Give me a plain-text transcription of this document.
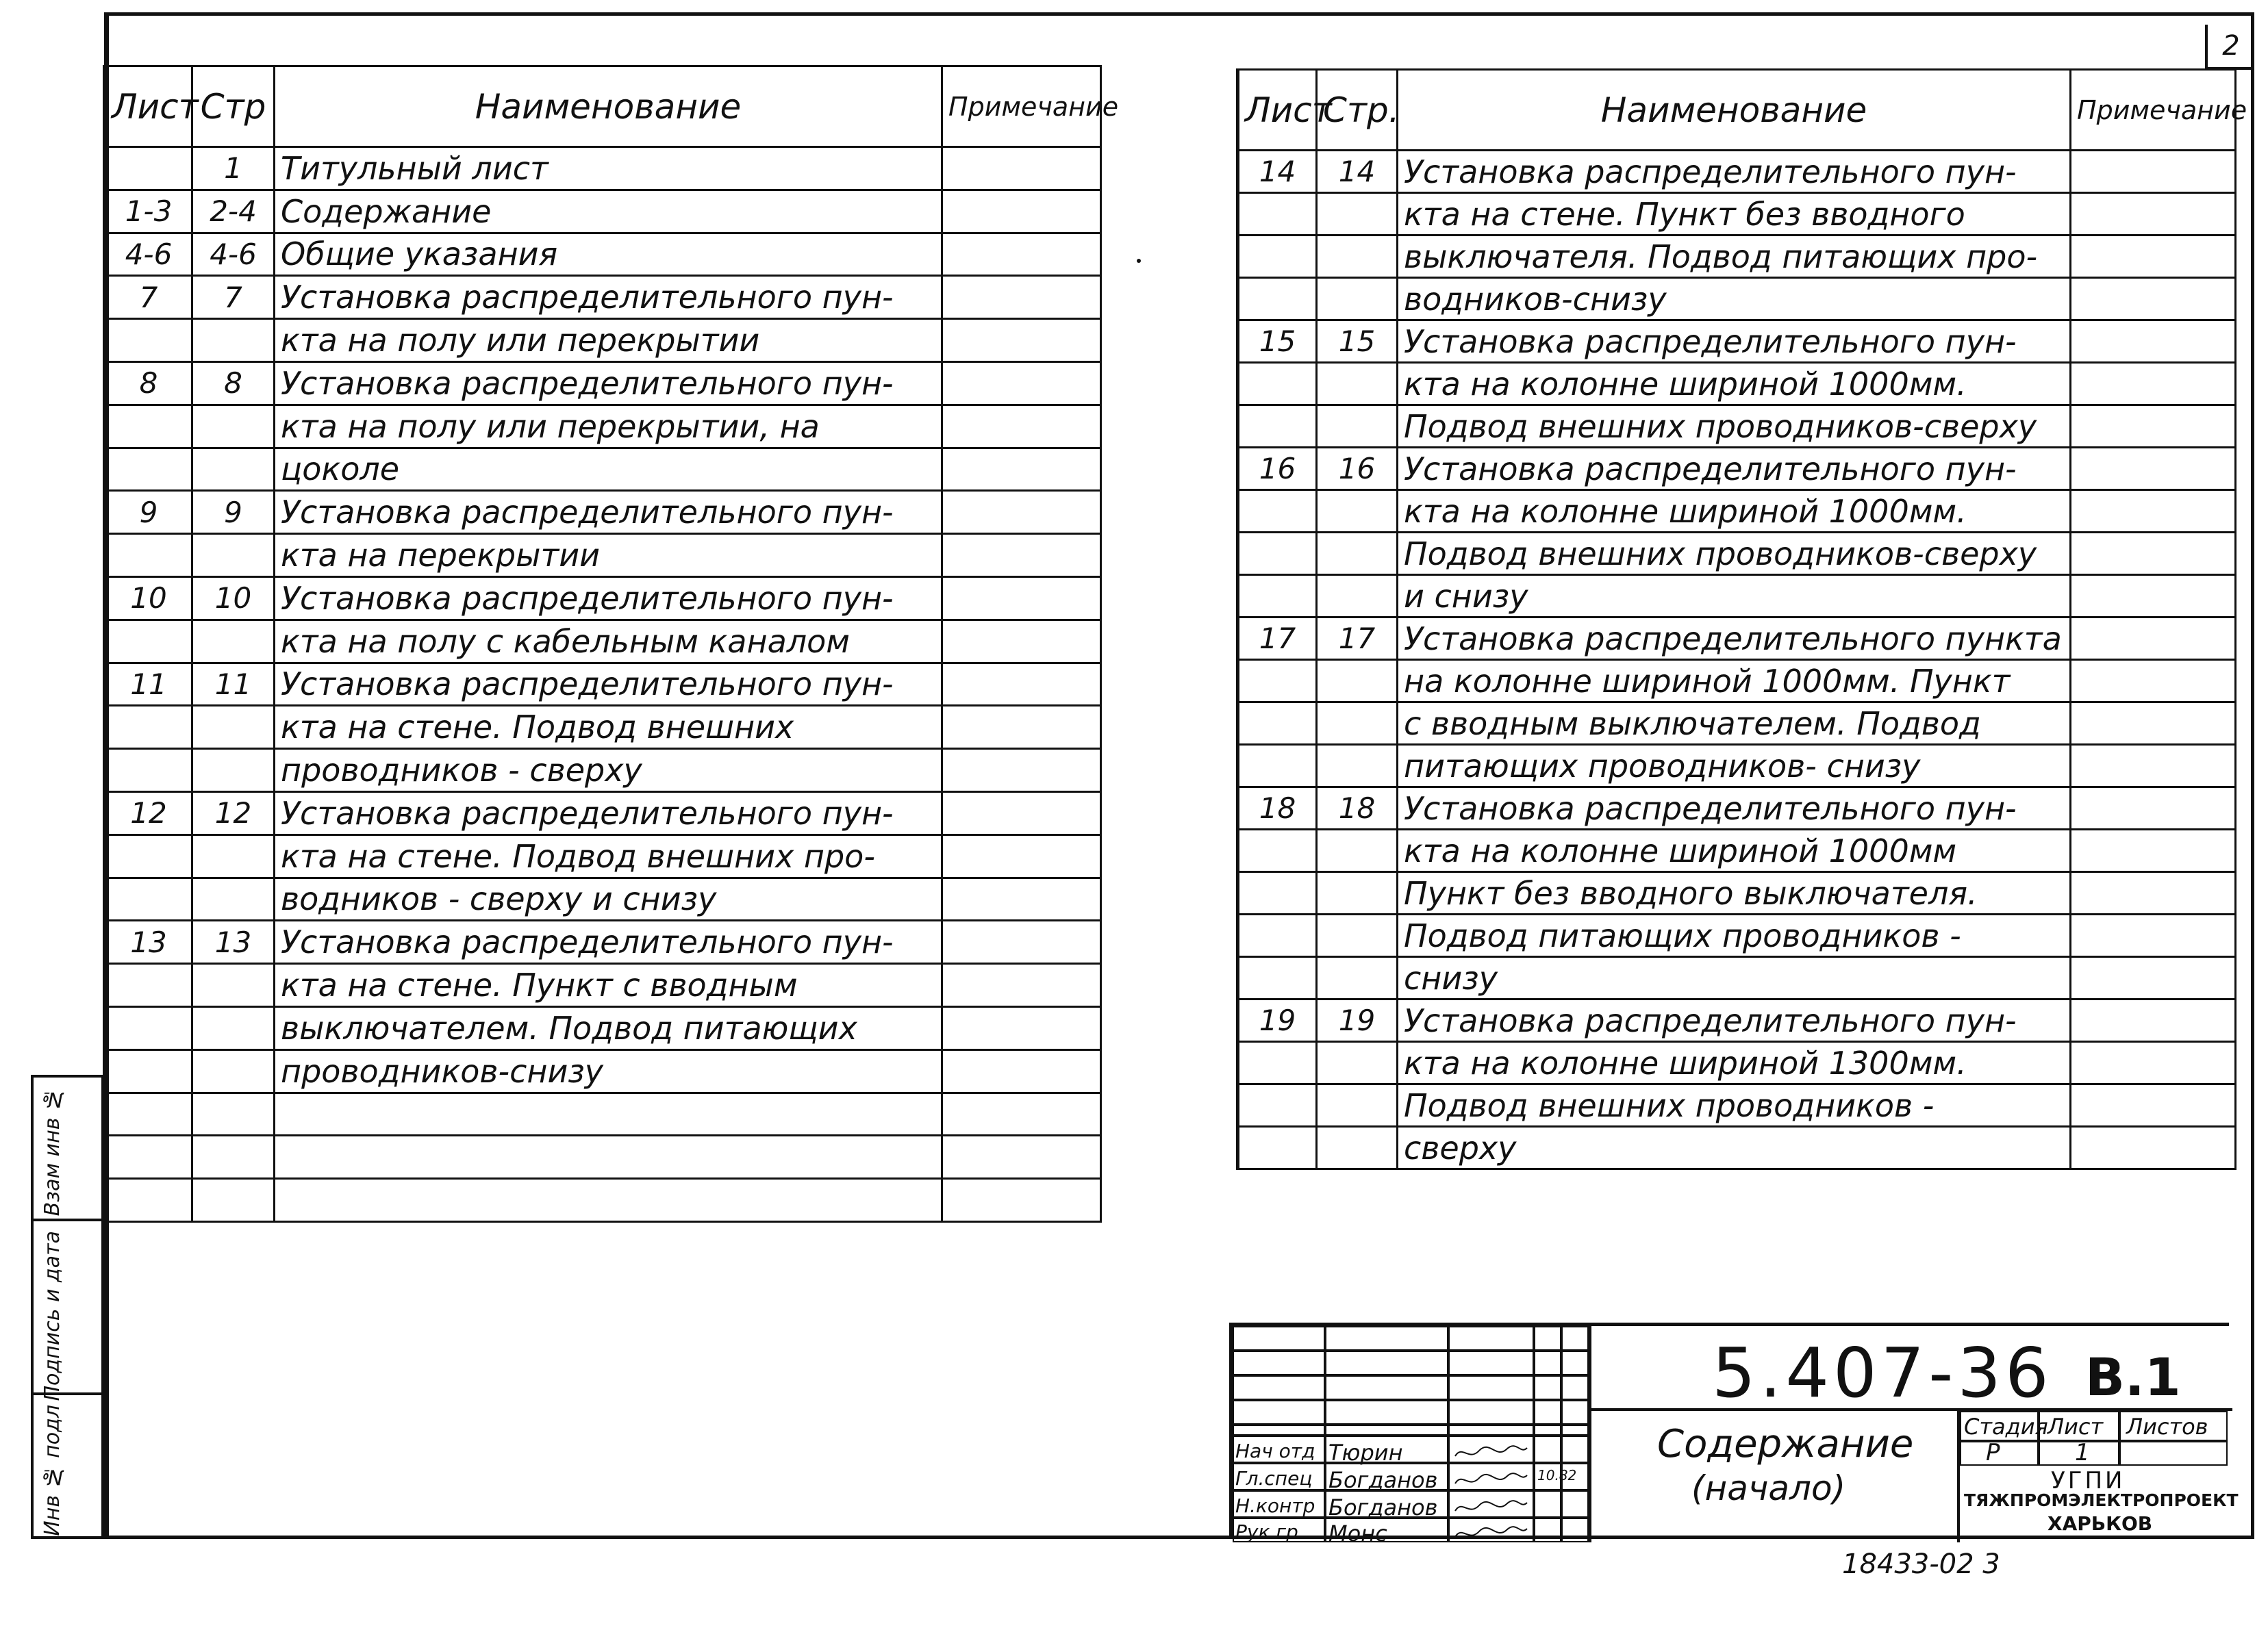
2
Лист	Стр	Наименование	Примечание
	1	Титульный лист	
1-3	2-4	Содержание	
4-6	4-6	Общие указания	
7	7	Установка распределительного пун-	
		кта на полу или перекрытии	
8	8	Установка распределительного пун-	
		кта на полу или перекрытии, на	
		цоколе	
9	9	Установка распределительного пун-	
		кта на перекрытии	
10	10	Установка распределительного пун-	
		кта на полу с кабельным каналом	
11	11	Установка распределительного пун-	
		кта на стене. Подвод внешних	
		проводников - сверху	
12	12	Установка распределительного пун-	
		кта на стене. Подвод внешних про-	
		водников - сверху и снизу	
13	13	Установка распределительного пун-	
		кта на стене. Пункт с вводным	
		выключателем. Подвод питающих	
		проводников-снизу	

Лист	Стр.	Наименование	Примечание
14	14	Установка распределительного пун-	
		кта на стене. Пункт без вводного	
		выключателя. Подвод питающих про-	
		водников-снизу	
15	15	Установка распределительного пун-	
		кта на колонне шириной 1000мм.	
		Подвод внешних проводников-сверху	
16	16	Установка распределительного пун-	
		кта на колонне шириной 1000мм.	
		Подвод внешних проводников-сверху	
		и снизу	
17	17	Установка распределительного пункта	
		на колонне шириной 1000мм. Пункт	
		с вводным выключателем. Подвод	
		питающих проводников- снизу	
18	18	Установка распределительного пун-	
		кта на колонне шириной 1000мм	
		Пункт без вводного выключателя.	
		Подвод питающих проводников -	
		снизу	
19	19	Установка распределительного пун-	
		кта на колонне шириной 1300мм.	
		Подвод внешних проводников -	
		сверху	
Взам инв №
Подпись и дата
Инв № подл
5.407-36 В.1
Содержание
(начало)
Стадия Лист Листов
Р	1
УГПИ
ТЯЖПРОМЭЛЕКТРОПРОЕКТ
ХАРЬКОВ
Нач отд Тюрин
Гл.спец Богданов	10.82
Н.контр Богданов
Рук гр Монс
18433-02 3
